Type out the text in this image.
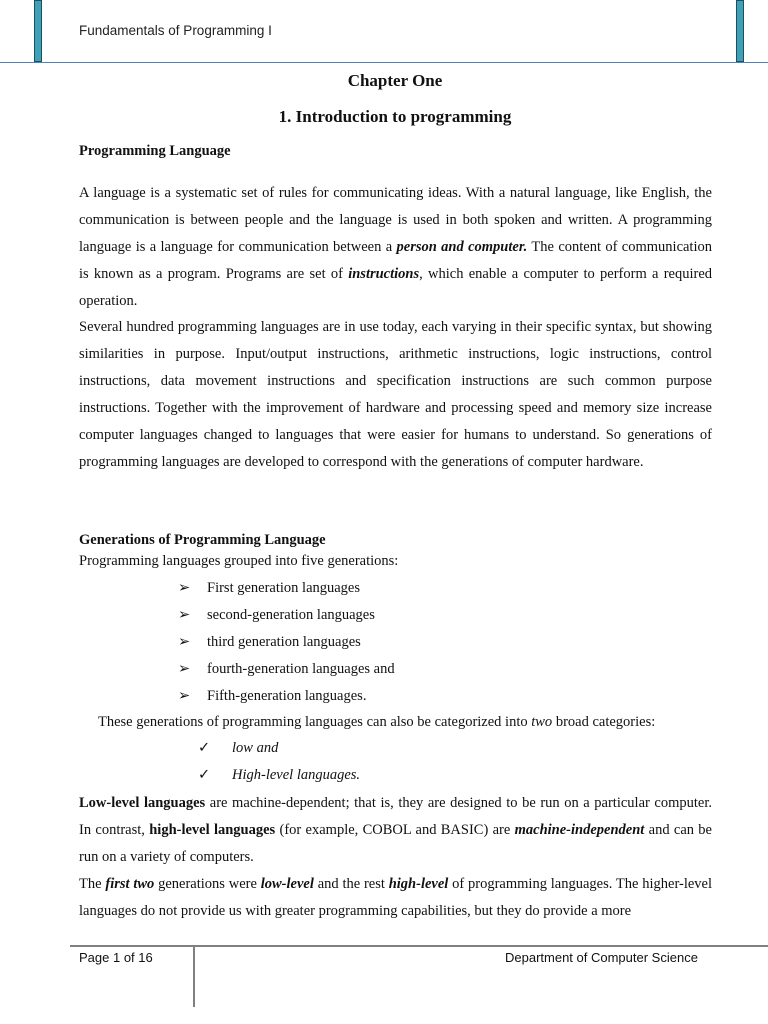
Fundamentals of Programming I
Chapter One
1. Introduction to programming
Programming Language

A language is a systematic set of rules for communicating ideas. With a natural language, like English, the communication is between people and the language is used in both spoken and written. A programming language is a language for communication between a person and computer. The content of communication is known as a program. Programs are set of instructions, which enable a computer to perform a required operation.

Several hundred programming languages are in use today, each varying in their specific syntax, but showing similarities in purpose. Input/output instructions, arithmetic instructions, logic instructions, control instructions, data movement instructions and specification instructions are such common purpose instructions. Together with the improvement of hardware and processing speed and memory size increase computer languages changed to languages that were easier for humans to understand. So generations of programming languages are developed to correspond with the generations of computer hardware.

Generations of Programming Language
Programming languages grouped into five generations:
➢	First generation languages
➢	second-generation languages
➢	third generation languages
➢	fourth-generation languages and
➢	Fifth-generation languages.
These generations of programming languages can also be categorized into two broad categories:
✓	low and
✓	High-level languages.

Low-level languages are machine-dependent; that is, they are designed to be run on a particular computer. In contrast, high-level languages (for example, COBOL and BASIC) are machine-independent and can be run on a variety of computers.

The first two generations were low-level and the rest high-level of programming languages. The higher-level languages do not provide us with greater programming capabilities, but they do provide a more

Page 1 of 16	Department of Computer Science
